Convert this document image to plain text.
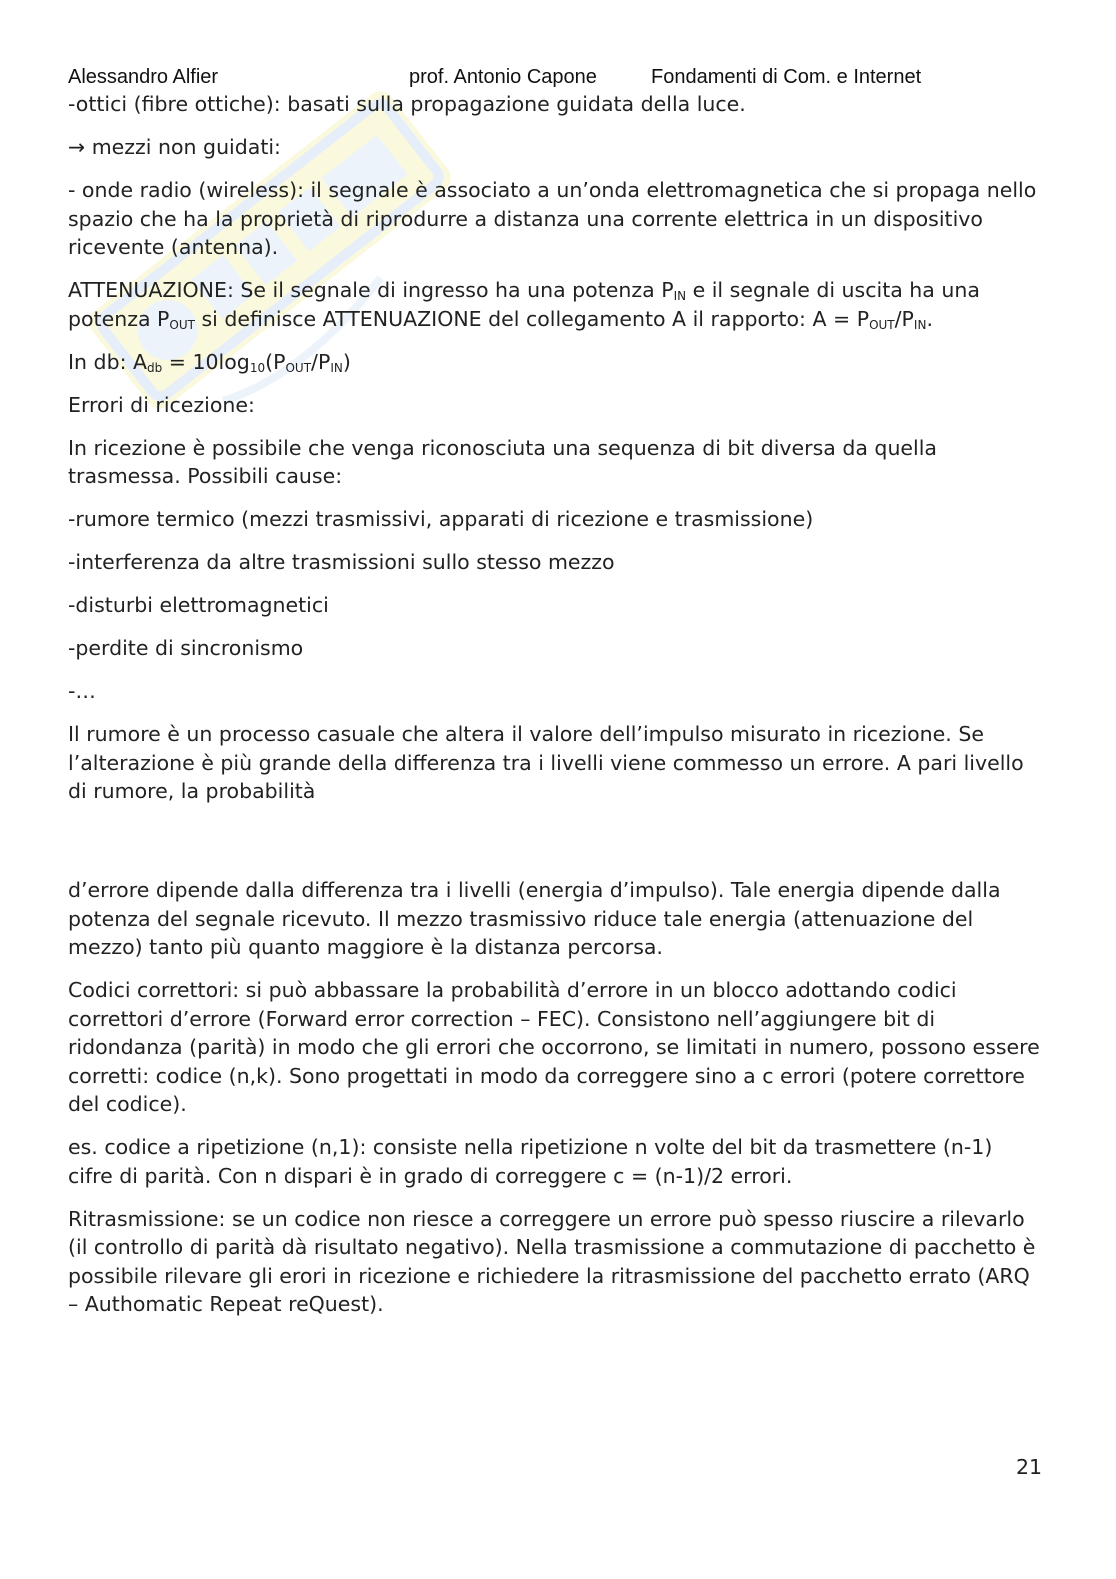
Alessandro Alfier	prof. Antonio Capone	Fondamenti di Com. e Internet

-ottici (fibre ottiche): basati sulla propagazione guidata della luce.

→ mezzi non guidati:

- onde radio (wireless): il segnale è associato a un’onda elettromagnetica che si propaga nello spazio che ha la proprietà di riprodurre a distanza una corrente elettrica in un dispositivo ricevente (antenna).

ATTENUAZIONE: Se il segnale di ingresso ha una potenza $P_{IN}$ e il segnale di uscita ha una potenza $P_{OUT}$ si definisce ATTENUAZIONE del collegamento A il rapporto: $A = P_{OUT}/P_{IN}$.

In db: $A_{db} = 10\log_{10}(P_{OUT}/P_{IN})$

Errori di ricezione:

In ricezione è possibile che venga riconosciuta una sequenza di bit diversa da quella trasmessa. Possibili cause:

-rumore termico (mezzi trasmissivi, apparati di ricezione e trasmissione)

-interferenza da altre trasmissioni sullo stesso mezzo

-disturbi elettromagnetici

-perdite di sincronismo

-…

Il rumore è un processo casuale che altera il valore dell’impulso misurato in ricezione. Se l’alterazione è più grande della differenza tra i livelli viene commesso un errore. A pari livello di rumore, la probabilità

d’errore dipende dalla differenza tra i livelli (energia d’impulso). Tale energia dipende dalla potenza del segnale ricevuto. Il mezzo trasmissivo riduce tale energia (attenuazione del mezzo) tanto più quanto maggiore è la distanza percorsa.

Codici correttori: si può abbassare la probabilità d’errore in un blocco adottando codici correttori d’errore (Forward error correction – FEC). Consistono nell’aggiungere bit di ridondanza (parità) in modo che gli errori che occorrono, se limitati in numero, possono essere corretti: codice (n,k). Sono progettati in modo da correggere sino a c errori (potere correttore del codice).

es. codice a ripetizione (n,1): consiste nella ripetizione n volte del bit da trasmettere (n-1) cifre di parità. Con n dispari è in grado di correggere c = (n-1)/2 errori.

Ritrasmissione: se un codice non riesce a correggere un errore può spesso riuscire a rilevarlo (il controllo di parità dà risultato negativo). Nella trasmissione a commutazione di pacchetto è possibile rilevare gli erori in ricezione e richiedere la ritrasmissione del pacchetto errato (ARQ – Authomatic Repeat reQuest).

21
